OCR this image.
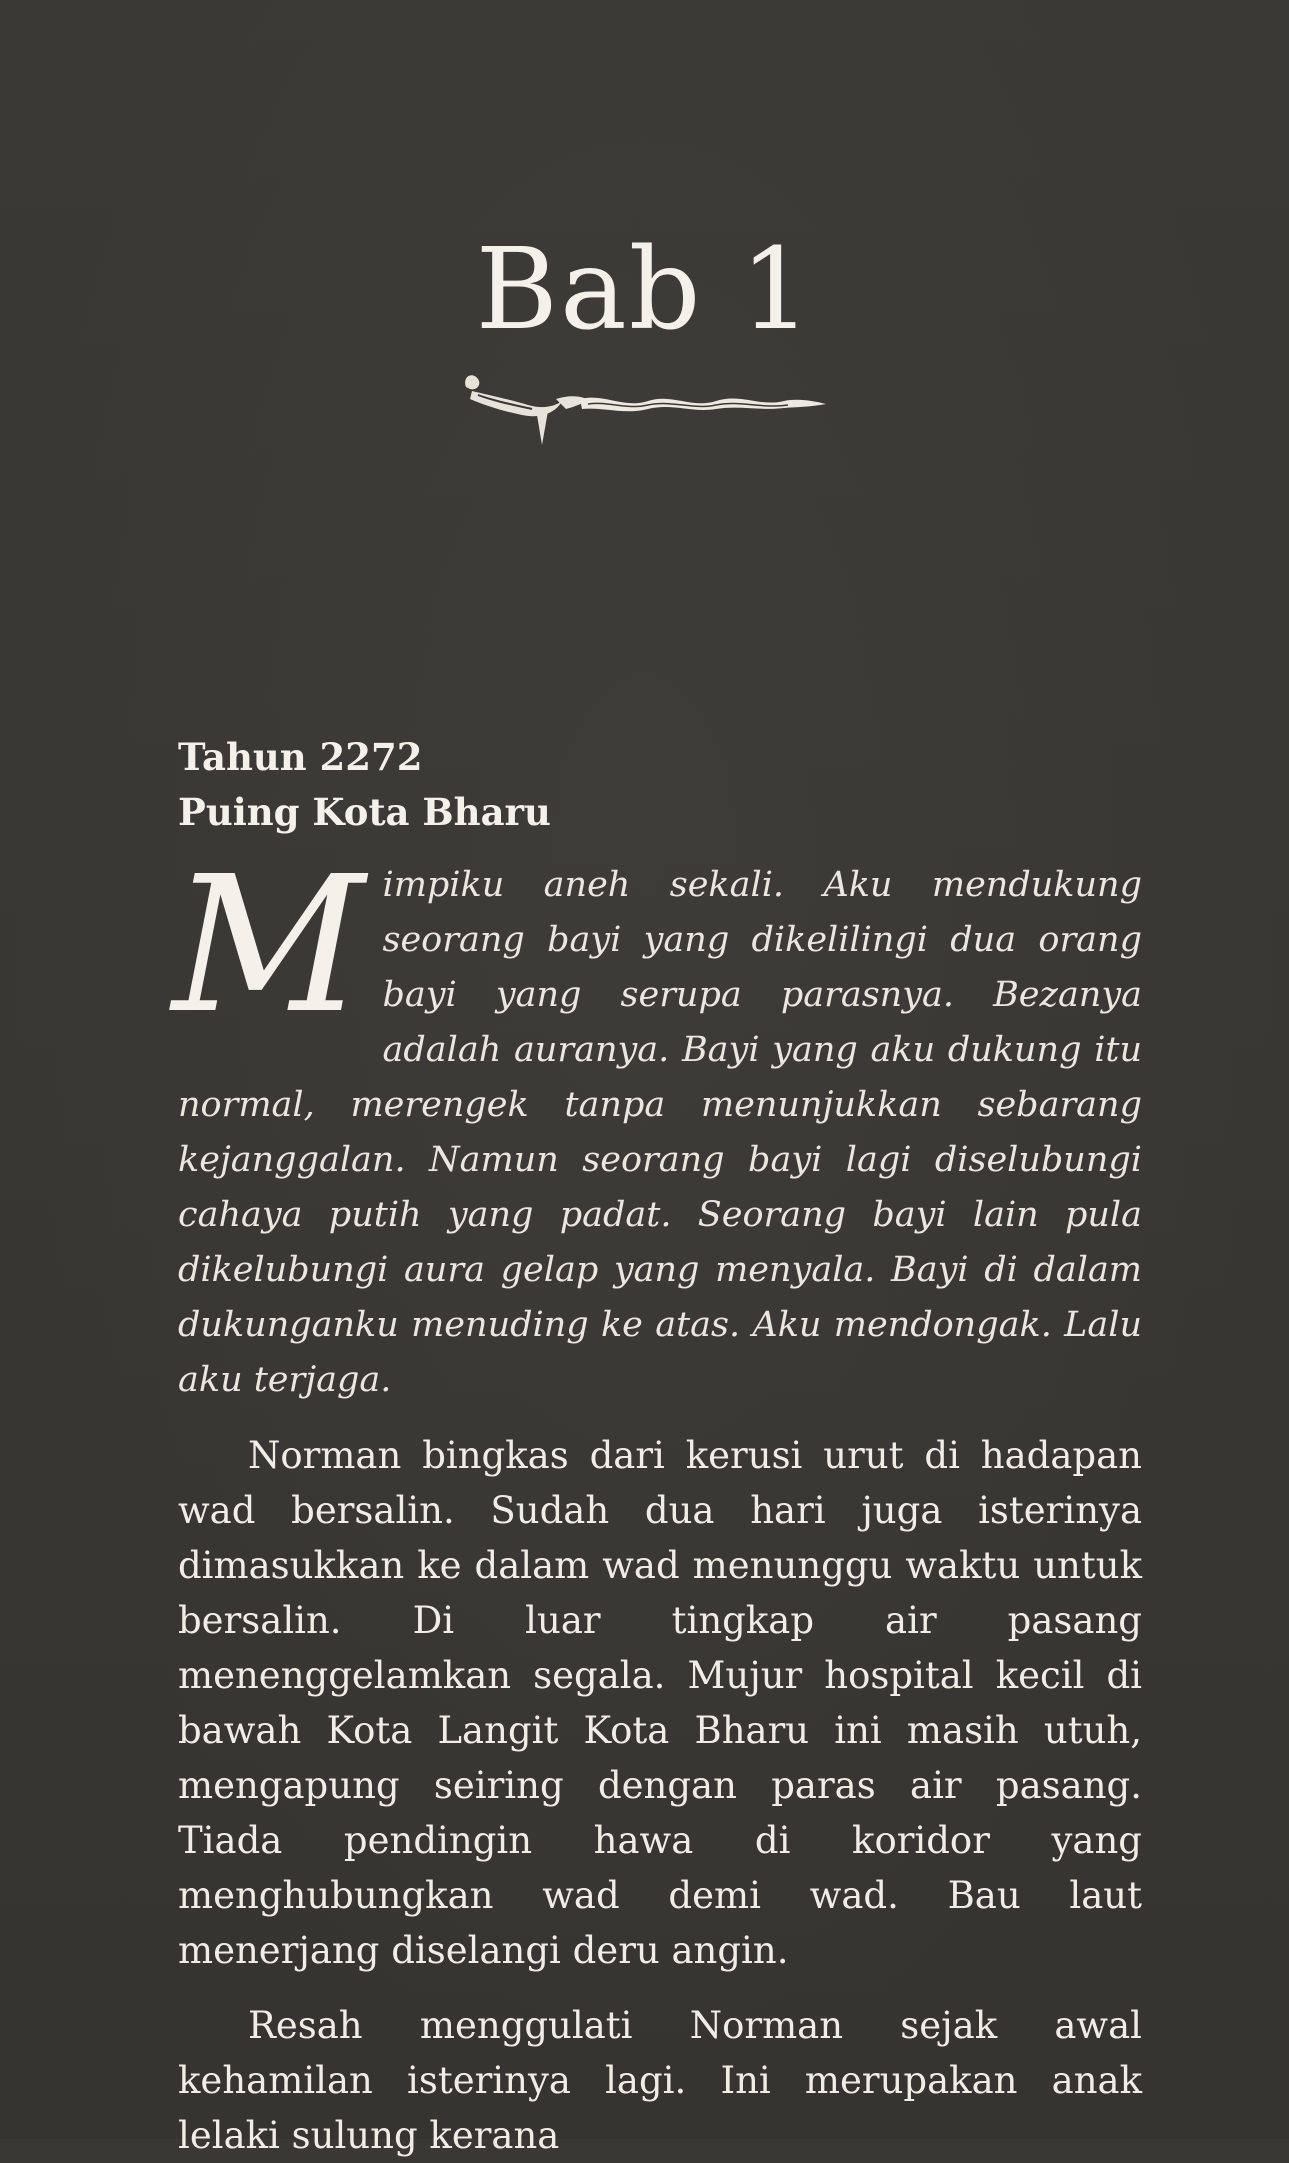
Bab 1
Tahun 2272
Puing Kota Bharu

Mimpiku aneh sekali. Aku mendukung seorang bayi yang dikelilingi dua orang bayi yang serupa parasnya. Bezanya adalah auranya. Bayi yang aku dukung itu normal, merengek tanpa menunjukkan sebarang kejanggalan. Namun seorang bayi lagi diselubungi cahaya putih yang padat. Seorang bayi lain pula dikelubungi aura gelap yang menyala. Bayi di dalam dukunganku menuding ke atas. Aku mendongak. Lalu aku terjaga.

Norman bingkas dari kerusi urut di hadapan wad bersalin. Sudah dua hari juga isterinya dimasukkan ke dalam wad menunggu waktu untuk bersalin. Di luar tingkap air pasang menenggelamkan segala. Mujur hospital kecil di bawah Kota Langit Kota Bharu ini masih utuh, mengapung seiring dengan paras air pasang. Tiada pendingin hawa di koridor yang menghubungkan wad demi wad. Bau laut menerjang diselangi deru angin.

Resah menggulati Norman sejak awal kehamilan isterinya lagi. Ini merupakan anak lelaki sulung kerana
